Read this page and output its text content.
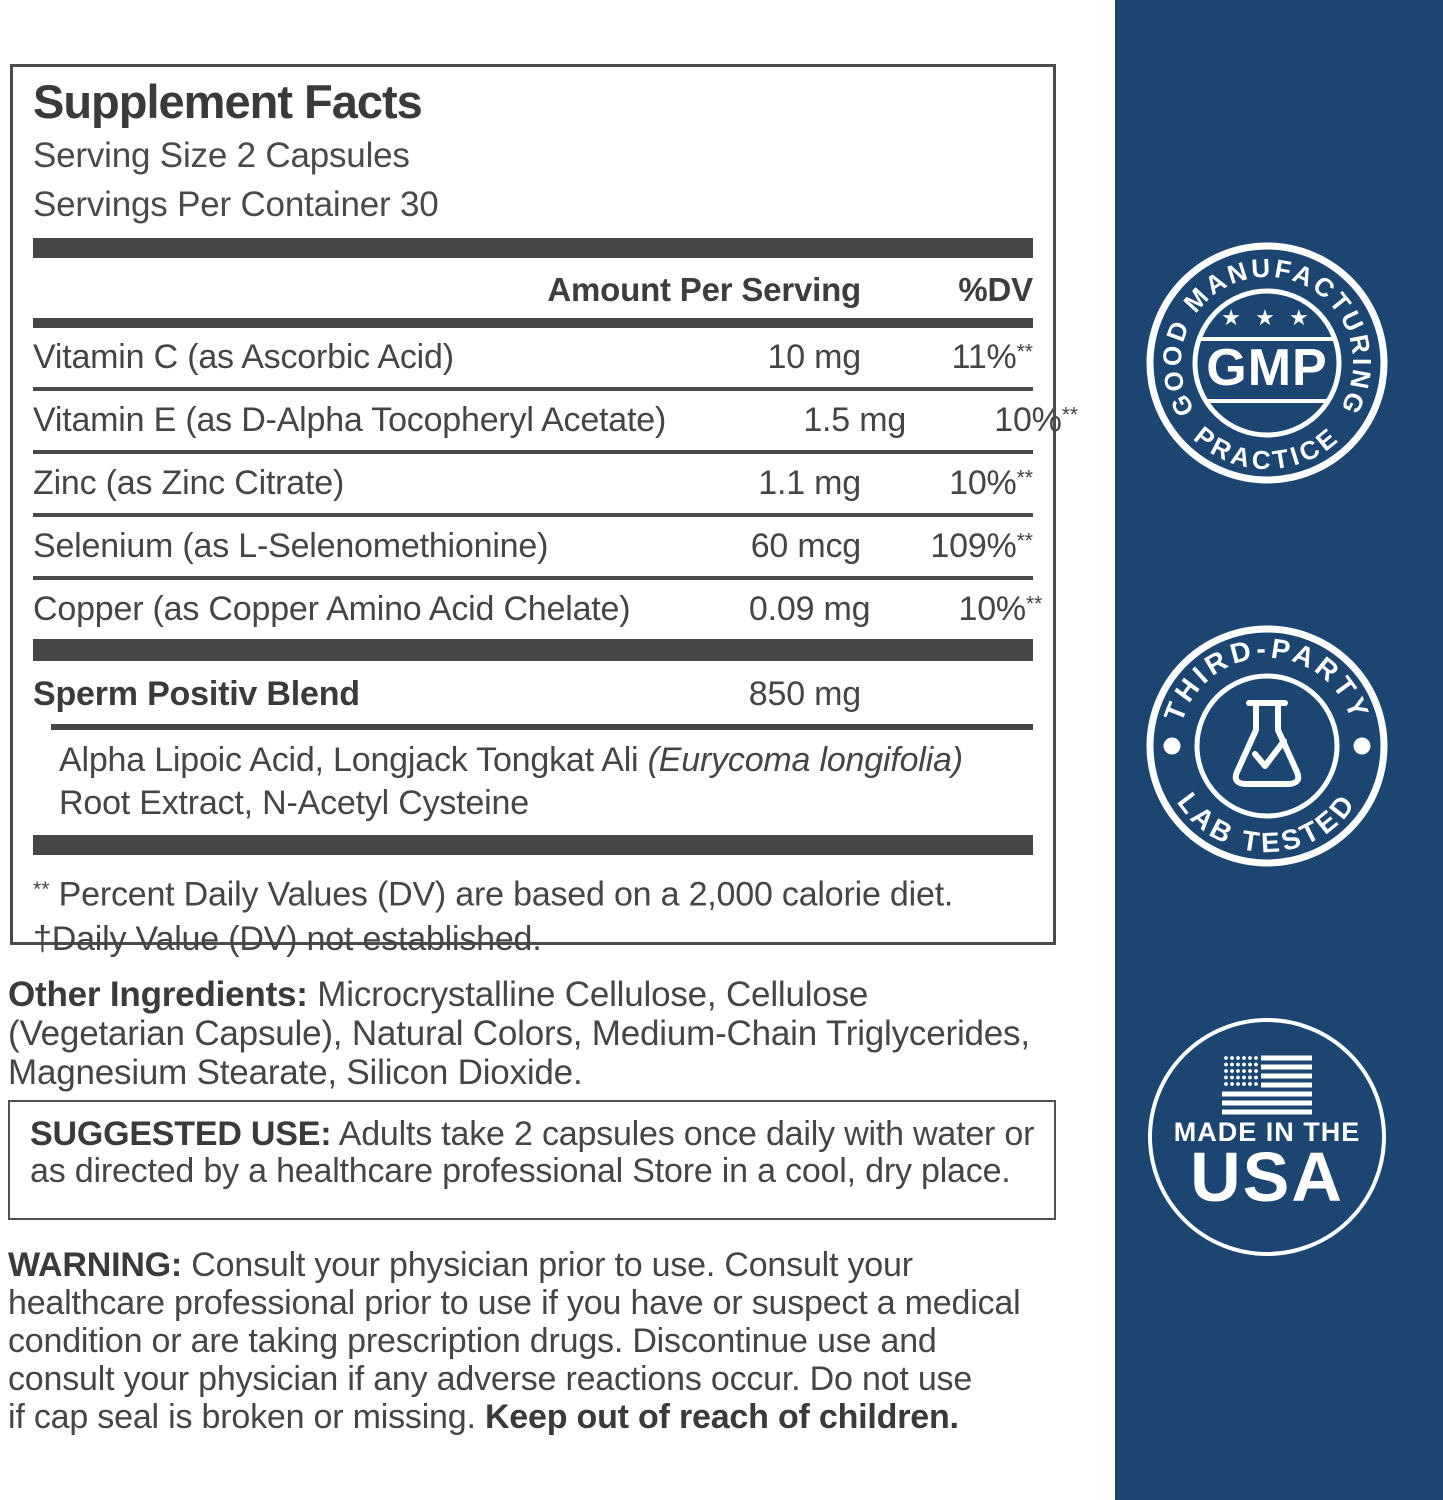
Supplement Facts
Serving Size 2 Capsules
Servings Per Container 30
Amount Per Serving	%DV
Vitamin C (as Ascorbic Acid)	10 mg	11%**
Vitamin E (as D-Alpha Tocopheryl Acetate)	1.5 mg	10%**
Zinc (as Zinc Citrate)	1.1 mg	10%**
Selenium (as L-Selenomethionine)	60 mcg	109%**
Copper (as Copper Amino Acid Chelate)	0.09 mg	10%**
Sperm Positiv Blend	850 mg
Alpha Lipoic Acid, Longjack Tongkat Ali (Eurycoma longifolia)
Root Extract, N-Acetyl Cysteine
** Percent Daily Values (DV) are based on a 2,000 calorie diet.
†Daily Value (DV) not established.
Other Ingredients: Microcrystalline Cellulose, Cellulose
(Vegetarian Capsule), Natural Colors, Medium-Chain Triglycerides,
Magnesium Stearate, Silicon Dioxide.
SUGGESTED USE: Adults take 2 capsules once daily with water or
as directed by a healthcare professional Store in a cool, dry place.
WARNING: Consult your physician prior to use. Consult your
healthcare professional prior to use if you have or suspect a medical
condition or are taking prescription drugs. Discontinue use and
consult your physician if any adverse reactions occur. Do not use
if cap seal is broken or missing. Keep out of reach of children.
GOOD MANUFACTURING
PRACTICE
★ ★ ★
GMP
THIRD-PARTY
LAB TESTED
MADE IN THE
USA
